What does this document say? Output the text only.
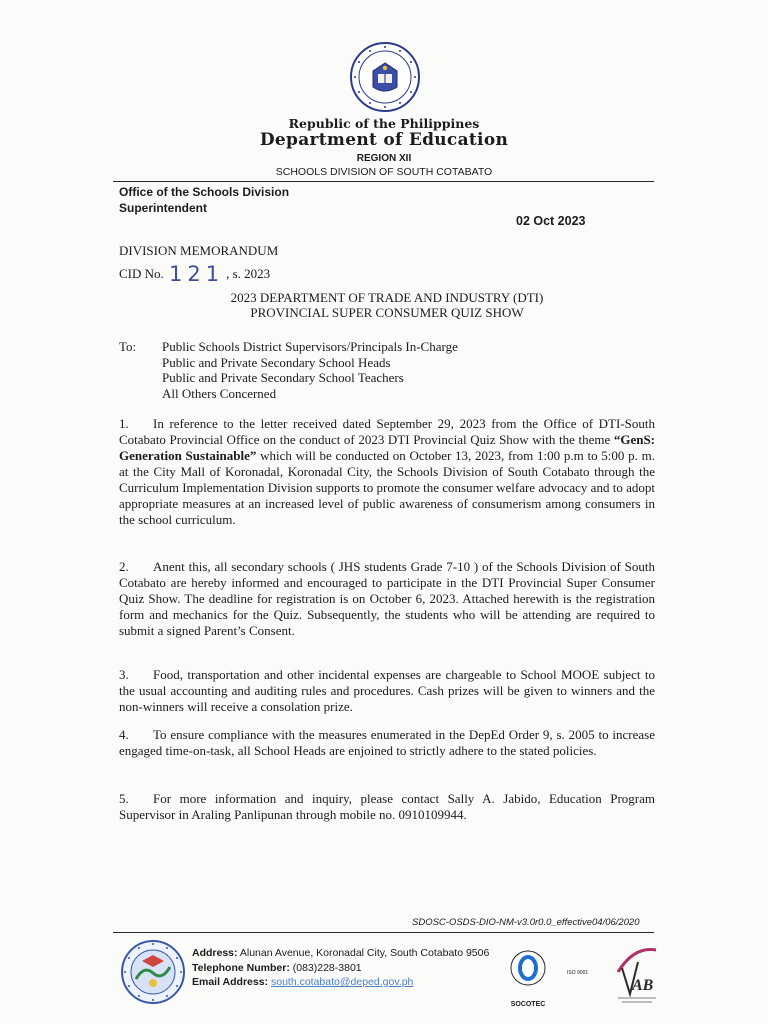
Republic of the Philippines
Department of Education
REGION XII
SCHOOLS DIVISION OF SOUTH COTABATO
Office of the Schools Division
Superintendent
02 Oct 2023
DIVISION MEMORANDUM
CID No. 121 , s. 2023
2023 DEPARTMENT OF TRADE AND INDUSTRY (DTI)
PROVINCIAL SUPER CONSUMER QUIZ SHOW
To: Public Schools District Supervisors/Principals In-Charge
Public and Private Secondary School Heads
Public and Private Secondary School Teachers
All Others Concerned
1. In reference to the letter received dated September 29, 2023 from the Office of DTI-South Cotabato Provincial Office on the conduct of 2023 DTI Provincial Quiz Show with the theme “GenS: Generation Sustainable” which will be conducted on October 13, 2023, from 1:00 p.m to 5:00 p. m. at the City Mall of Koronadal, Koronadal City, the Schools Division of South Cotabato through the Curriculum Implementation Division supports to promote the consumer welfare advocacy and to adopt appropriate measures at an increased level of public awareness of consumerism among consumers in the school curriculum.
2. Anent this, all secondary schools ( JHS students Grade 7-10 ) of the Schools Division of South Cotabato are hereby informed and encouraged to participate in the DTI Provincial Super Consumer Quiz Show. The deadline for registration is on October 6, 2023. Attached herewith is the registration form and mechanics for the Quiz. Subsequently, the students who will be attending are required to submit a signed Parent’s Consent.
3. Food, transportation and other incidental expenses are chargeable to School MOOE subject to the usual accounting and auditing rules and procedures. Cash prizes will be given to winners and the non-winners will receive a consolation prize.
4. To ensure compliance with the measures enumerated in the DepEd Order 9, s. 2005 to increase engaged time-on-task, all School Heads are enjoined to strictly adhere to the stated policies.
5. For more information and inquiry, please contact Sally A. Jabido, Education Program Supervisor in Araling Panlipunan through mobile no. 0910109944.
SDOSC-OSDS-DIO-NM-v3.0r0.0_effective04/06/2020
Address: Alunan Avenue, Koronadal City, South Cotabato 9506
Telephone Number: (083)228-3801
Email Address: south.cotabato@deped.gov.ph
SOCOTEC
ISO 9001
AB
